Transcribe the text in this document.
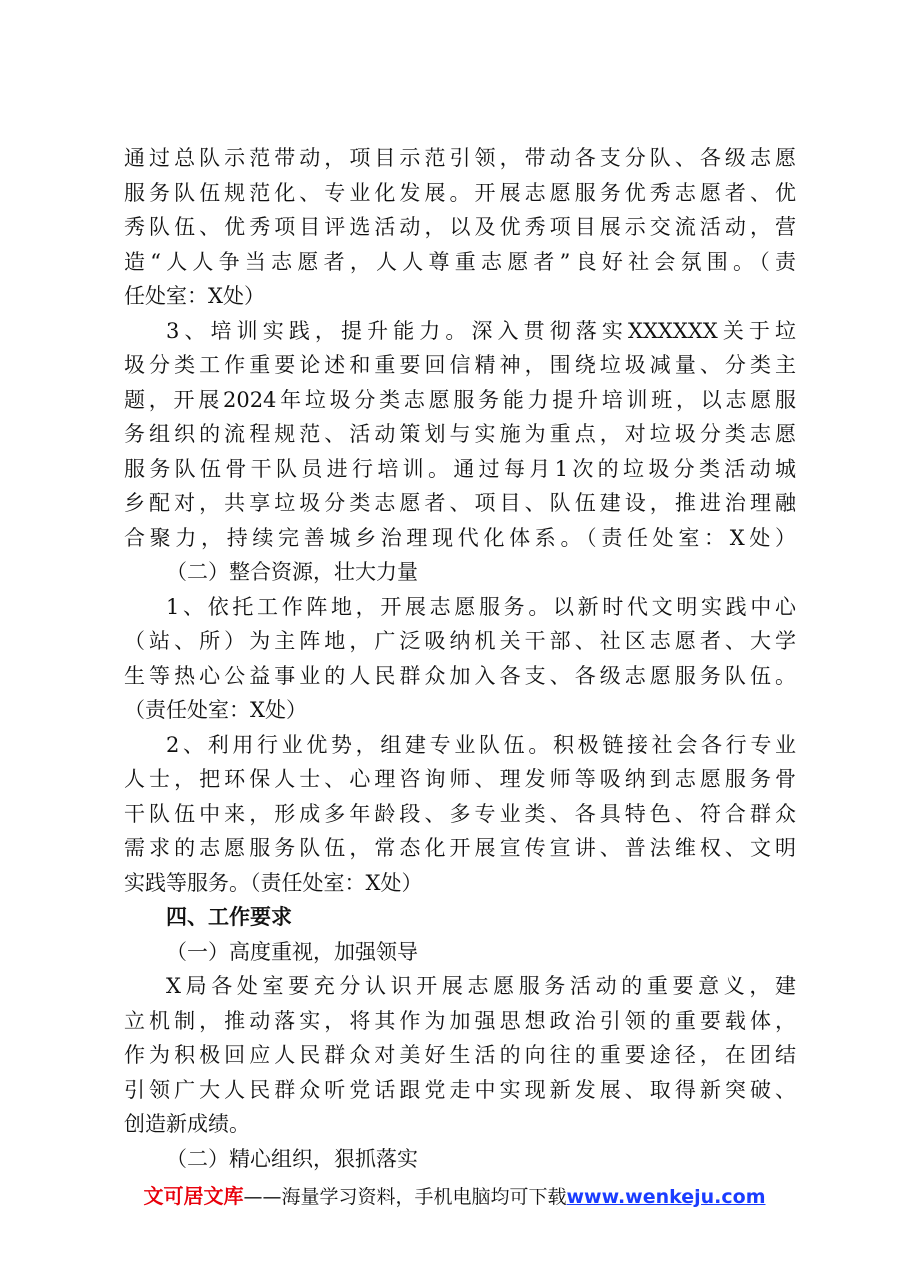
通过总队示范带动，项目示范引领，带动各支分队、各级志愿
服务队伍规范化、专业化发展。开展志愿服务优秀志愿者、优
秀队伍、优秀项目评选活动，以及优秀项目展示交流活动，营
造“人人争当志愿者，人人尊重志愿者”良好社会氛围。（责
任处室：X处）
3、培训实践，提升能力。深入贯彻落实XXXXXX关于垃
圾分类工作重要论述和重要回信精神，围绕垃圾减量、分类主
题，开展2024年垃圾分类志愿服务能力提升培训班，以志愿服
务组织的流程规范、活动策划与实施为重点，对垃圾分类志愿
服务队伍骨干队员进行培训。通过每月1次的垃圾分类活动城
乡配对，共享垃圾分类志愿者、项目、队伍建设，推进治理融
合聚力，持续完善城乡治理现代化体系。（责任处室：X处）
（二）整合资源，壮大力量
1、依托工作阵地，开展志愿服务。以新时代文明实践中心
（站、所）为主阵地，广泛吸纳机关干部、社区志愿者、大学
生等热心公益事业的人民群众加入各支、各级志愿服务队伍。
（责任处室：X处）
2、利用行业优势，组建专业队伍。积极链接社会各行专业
人士，把环保人士、心理咨询师、理发师等吸纳到志愿服务骨
干队伍中来，形成多年龄段、多专业类、各具特色、符合群众
需求的志愿服务队伍，常态化开展宣传宣讲、普法维权、文明
实践等服务。（责任处室：X处）
四、工作要求
（一）高度重视，加强领导
X局各处室要充分认识开展志愿服务活动的重要意义，建
立机制，推动落实，将其作为加强思想政治引领的重要载体，
作为积极回应人民群众对美好生活的向往的重要途径，在团结
引领广大人民群众听党话跟党走中实现新发展、取得新突破、
创造新成绩。
（二）精心组织，狠抓落实
文可居文库——海量学习资料，手机电脑均可下载www.wenkeju.com
